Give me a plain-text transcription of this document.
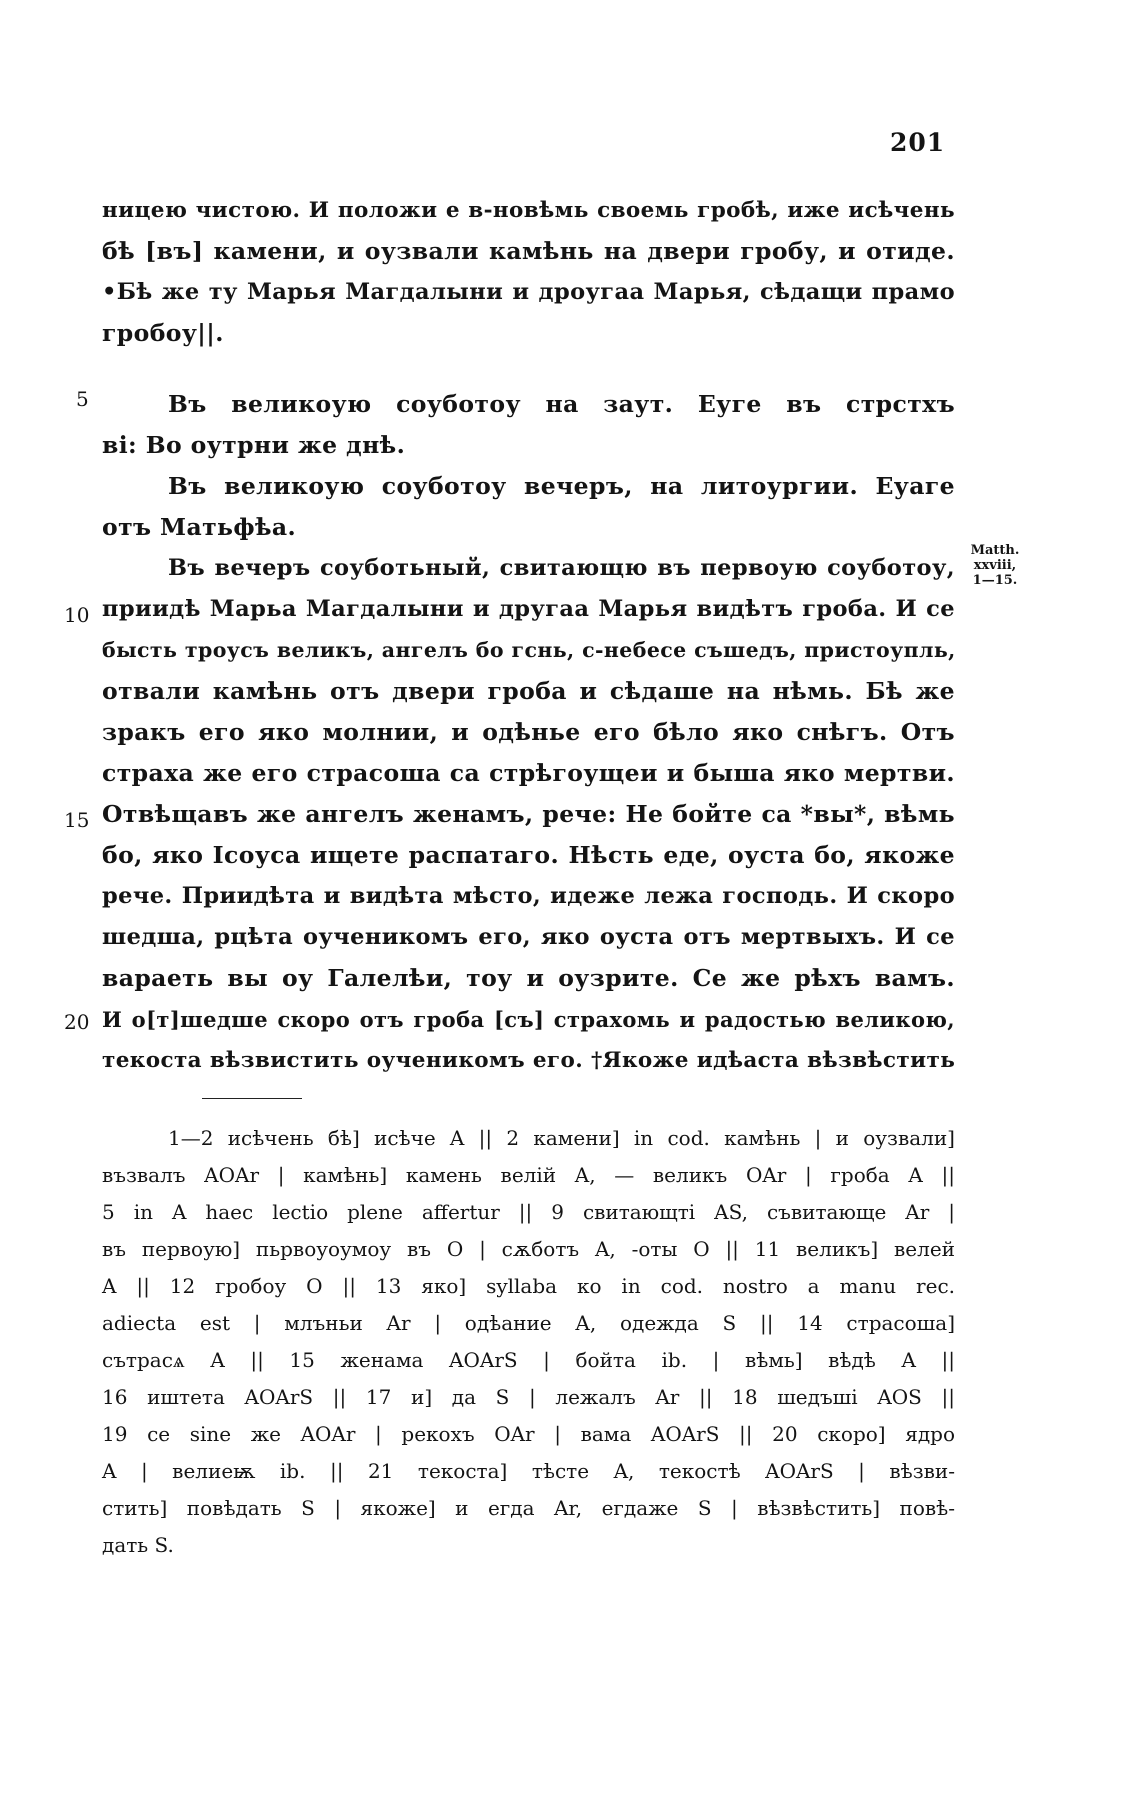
201
5
10
15
20
Matth.
xxviii,
1—15.
ницею чистою. И положи е в-новѣмь своемь гробѣ, иже исѣчень
бѣ [въ] камени, и оузвали камѣнь на двери гробу, и отиде.
•Бѣ же ту Марья Магдалыни и дроугаа Марья, сѣдащи прамо
гробоу||.
Въ великоую соуботоу на заут. Еуге въ стрстхъ
ві: Во оутрни же днѣ.
Въ великоую соуботоу вечеръ, на литоургии. Еуаге
отъ Матьфѣа.
Въ вечеръ соуботьный, свитающю въ первоую соуботоу,
приидѣ Марьа Магдалыни и другаа Марья видѣтъ гроба. И се
бысть троусъ великъ, ангелъ бо гснь, с-небесе съшедъ, пристоупль,
отвали камѣнь отъ двери гроба и сѣдаше на нѣмь. Бѣ же
зракъ его яко молнии, и одѣнье его бѣло яко снѣгъ. Отъ
страха же его страсоша са стрѣгоущеи и быша яко мертви.
Отвѣщавъ же ангелъ женамъ, рече: Не бойте са *вы*, вѣмь
бо, яко Ісоуса ищете распатаго. Нѣсть еде, оуста бо, якоже
рече. Приидѣта и видѣта мѣсто, идеже лежа господь. И скоро
шедша, рцѣта оученикомъ его, яко оуста отъ мертвыхъ. И се
вараеть вы оу Галелѣи, тоу и оузрите. Се же рѣхъ вамъ.
И о[т]шедше скоро отъ гроба [съ] страхомь и радостью великою,
текоста вѣзвистить оученикомъ его. †Якоже идѣаста вѣзвѣстить
1—2 исѣчень бѣ] исѣче A || 2 камени] in cod. камѣнь | и оузвали]
възвалъ AOAr | камѣнь] камень велій A, — великъ OAr | гроба A ||
5 in A haec lectio plene affertur || 9 свитающті AS, съвитающе Ar |
въ первоую] пьрвоуоумоу въ O | сѫботъ A, -оты O || 11 великъ] велей
A || 12 гробоу O || 13 яко] syllaba ко in cod. nostro a manu rec.
adiecta est | млъньи Ar | одѣание A, одежда S || 14 страсоша]
сътрасѧ A || 15 женама AOArS | бойта ib. | вѣмь] вѣдѣ A ||
16 иштета AOArS || 17 и] да S | лежалъ Ar || 18 шедъші AOS ||
19 се sine же AOAr | рекохъ OAr | вама AOArS || 20 скоро] ядро
A | велиеѭ ib. || 21 текоста] тѣсте A, текостѣ AOArS | вѣзви-
стить] повѣдать S | якоже] и егда Ar, егдаже S | вѣзвѣстить] повѣ-
дать S.
